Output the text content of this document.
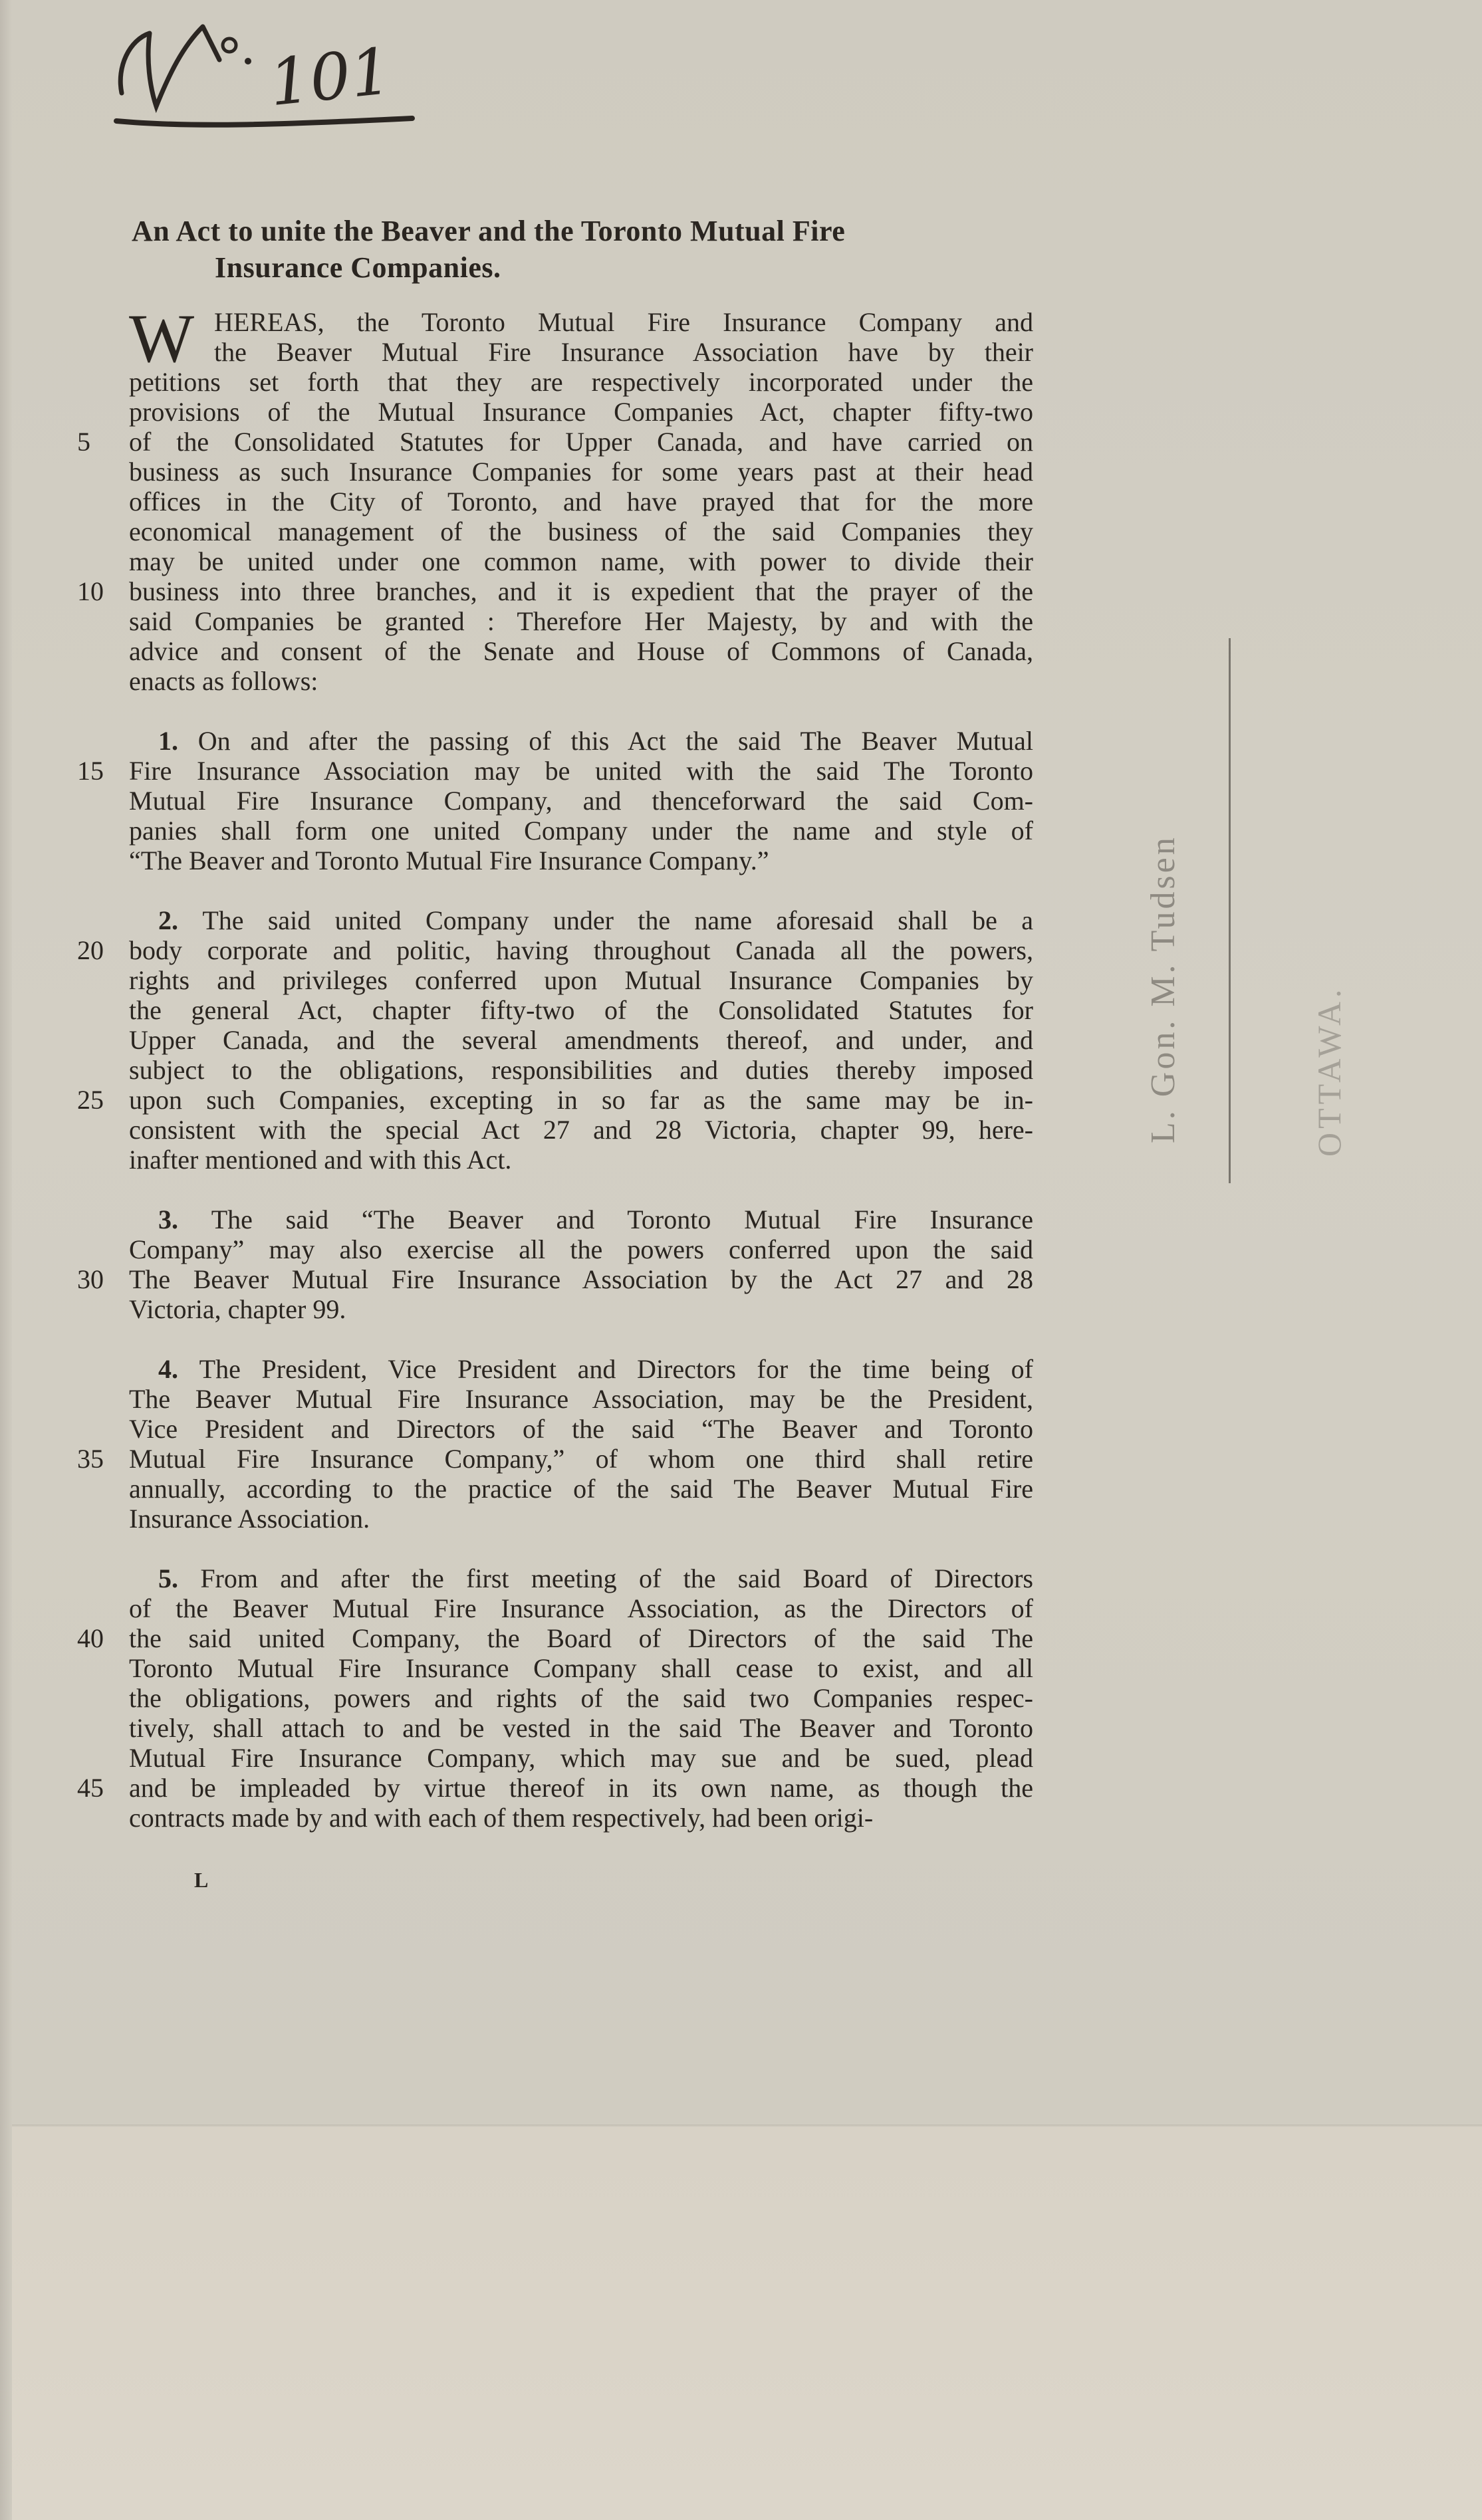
101
An Act to unite the Beaver and the Toronto Mutual Fire
Insurance Companies.
W HEREAS, the Toronto Mutual Fire Insurance Company and
the Beaver Mutual Fire Insurance Association have by their
petitions set forth that they are respectively incorporated under the
provisions of the Mutual Insurance Companies Act, chapter fifty-two
of the Consolidated Statutes for Upper Canada, and have carried on
5
business as such Insurance Companies for some years past at their head
offices in the City of Toronto, and have prayed that for the more
economical management of the business of the said Companies they
may be united under one common name, with power to divide their
business into three branches, and it is expedient that the prayer of the
10
said Companies be granted : Therefore Her Majesty, by and with the
advice and consent of the Senate and House of Commons of Canada,
enacts as follows:
1. On and after the passing of this Act the said The Beaver Mutual
Fire Insurance Association may be united with the said The Toronto
15
Mutual Fire Insurance Company, and thenceforward the said Com-
panies shall form one united Company under the name and style of
“The Beaver and Toronto Mutual Fire Insurance Company.”
2. The said united Company under the name aforesaid shall be a
body corporate and politic, having throughout Canada all the powers,
20
rights and privileges conferred upon Mutual Insurance Companies by
the general Act, chapter fifty-two of the Consolidated Statutes for
Upper Canada, and the several amendments thereof, and under, and
subject to the obligations, responsibilities and duties thereby imposed
upon such Companies, excepting in so far as the same may be in-
25
consistent with the special Act 27 and 28 Victoria, chapter 99, here-
inafter mentioned and with this Act.
3. The said “The Beaver and Toronto Mutual Fire Insurance
Company” may also exercise all the powers conferred upon the said
The Beaver Mutual Fire Insurance Association by the Act 27 and 28
30
Victoria, chapter 99.
4. The President, Vice President and Directors for the time being of
The Beaver Mutual Fire Insurance Association, may be the President,
Vice President and Directors of the said “The Beaver and Toronto
Mutual Fire Insurance Company,” of whom one third shall retire
35
annually, according to the practice of the said The Beaver Mutual Fire
Insurance Association.
5. From and after the first meeting of the said Board of Directors
of the Beaver Mutual Fire Insurance Association, as the Directors of
the said united Company, the Board of Directors of the said The
40
Toronto Mutual Fire Insurance Company shall cease to exist, and all
the obligations, powers and rights of the said two Companies respec-
tively, shall attach to and be vested in the said The Beaver and Toronto
Mutual Fire Insurance Company, which may sue and be sued, plead
and be impleaded by virtue thereof in its own name, as though the
45
contracts made by and with each of them respectively, had been origi-
L
L. Gon. M. Tudsen	OTTAWA.
